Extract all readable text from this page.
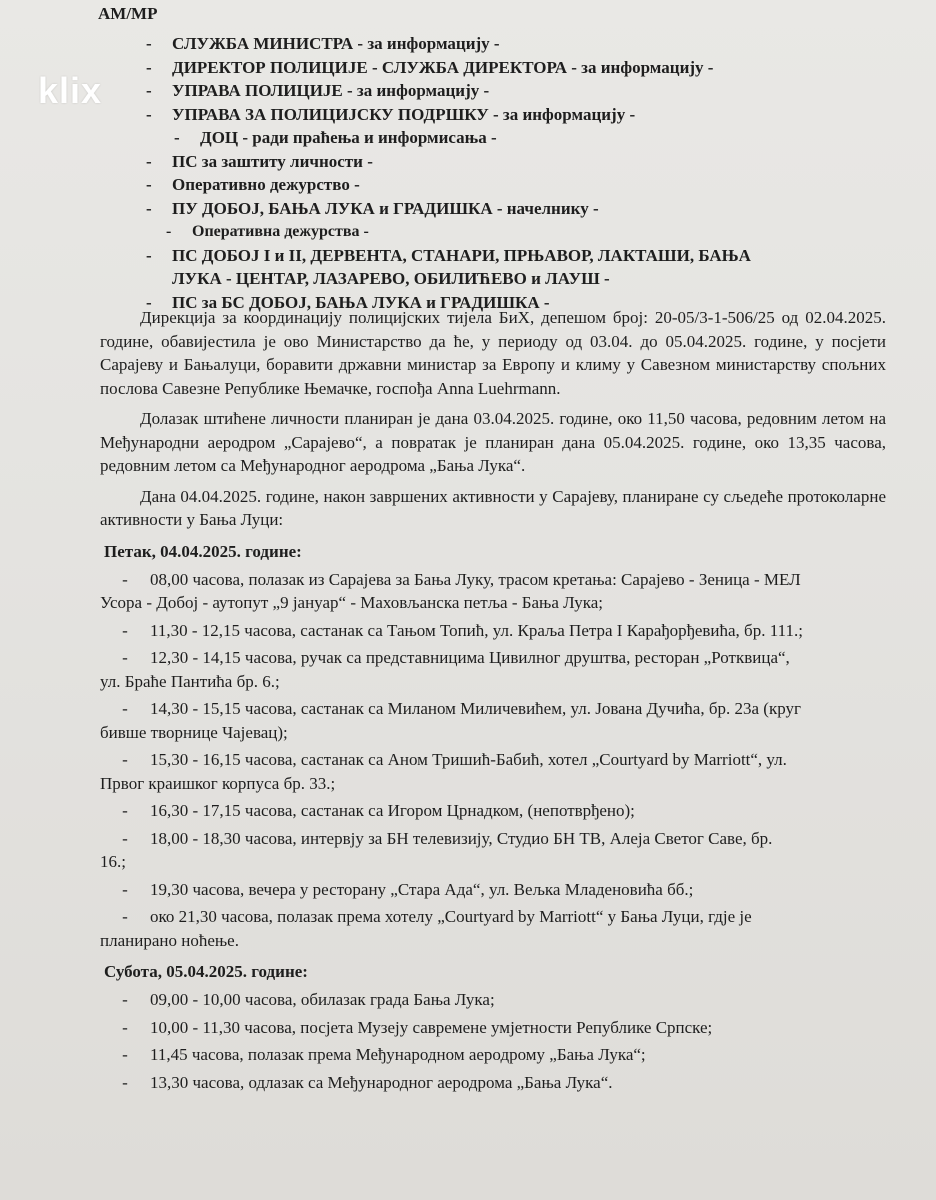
klix
АМ/МР
- СЛУЖБА МИНИСТРА - за информацију -
- ДИРЕКТОР ПОЛИЦИЈЕ - СЛУЖБА ДИРЕКТОРА - за информацију -
- УПРАВА ПОЛИЦИЈЕ - за информацију -
- УПРАВА ЗА ПОЛИЦИЈСКУ ПОДРШКУ - за информацију -
- ДОЦ - ради праћења и информисања -
- ПС за заштиту личности -
- Оперативно дежурство -
- ПУ ДОБОЈ, БАЊА ЛУКА и ГРАДИШКА - начелнику -
- Оперативна дежурства -
- ПС ДОБОЈ I и II, ДЕРВЕНТА, СТАНАРИ, ПРЊАВОР, ЛАКТАШИ, БАЊА
ЛУКА - ЦЕНТАР, ЛАЗАРЕВО, ОБИЛИЋЕВО и ЛАУШ -
- ПС за БС ДОБОЈ, БАЊА ЛУКА и ГРАДИШКА -

Дирекција за координацију полицијских тијела БиХ, депешом број: 20-05/3-1-506/25 од 02.04.2025. године, обавијестила је ово Министарство да ће, у периоду од 03.04. до 05.04.2025. године, у посјети Сарајеву и Бањалуци, боравити државни министар за Европу и климу у Савезном министарству спољних послова Савезне Републике Њемачке, госпођа Anna Luehrmann.

Долазак штићене личности планиран је дана 03.04.2025. године, око 11,50 часова, редовним летом на Међународни аеродром „Сарајево“, а повратак је планиран дана 05.04.2025. године, око 13,35 часова, редовним летом са Међународног аеродрома „Бања Лука“.

Дана 04.04.2025. године, након завршених активности у Сарајеву, планиране су сљедеће протоколарне активности у Бања Луци:

Петак, 04.04.2025. године:
-	08,00 часова, полазак из Сарајева за Бања Луку, трасом кретања: Сарајево - Зеница - МЕЛ
Усора - Добој - аутопут „9 јануар“ - Маховљанска петља - Бања Лука;
-	11,30 - 12,15 часова, састанак са Тањом Топић, ул. Краља Петра I Карађорђевића, бр. 111.;
-	12,30 - 14,15 часова, ручак са представницима Цивилног друштва, ресторан „Ротквица“,
ул. Браће Пантића бр. 6.;
-	14,30 - 15,15 часова, састанак са Миланом Миличевићем, ул. Јована Дучића, бр. 23а (круг
бивше творнице Чајевац);
-	15,30 - 16,15 часова, састанак са Аном Тришић-Бабић, хотел „Courtyard by Marriott“, ул.
Првог краишког корпуса бр. 33.;
-	16,30 - 17,15 часова, састанак са Игором Црнадком, (непотврђено);
-	18,00 - 18,30 часова, интервју за БН телевизију, Студио БН ТВ, Алеја Светог Саве, бр.
16.;
-	19,30 часова, вечера у ресторану „Стара Ада“, ул. Вељка Младеновића бб.;
-	око 21,30 часова, полазак према хотелу „Courtyard by Marriott“ у Бања Луци, гдје је
планирано ноћење.
Субота, 05.04.2025. године:
-	09,00 - 10,00 часова, обилазак града Бања Лука;
-	10,00 - 11,30 часова, посјета Музеју савремене умјетности Републике Српске;
-	11,45 часова, полазак према Међународном аеродрому „Бања Лука“;
-	13,30 часова, одлазак са Међународног аеродрома „Бања Лука“.
